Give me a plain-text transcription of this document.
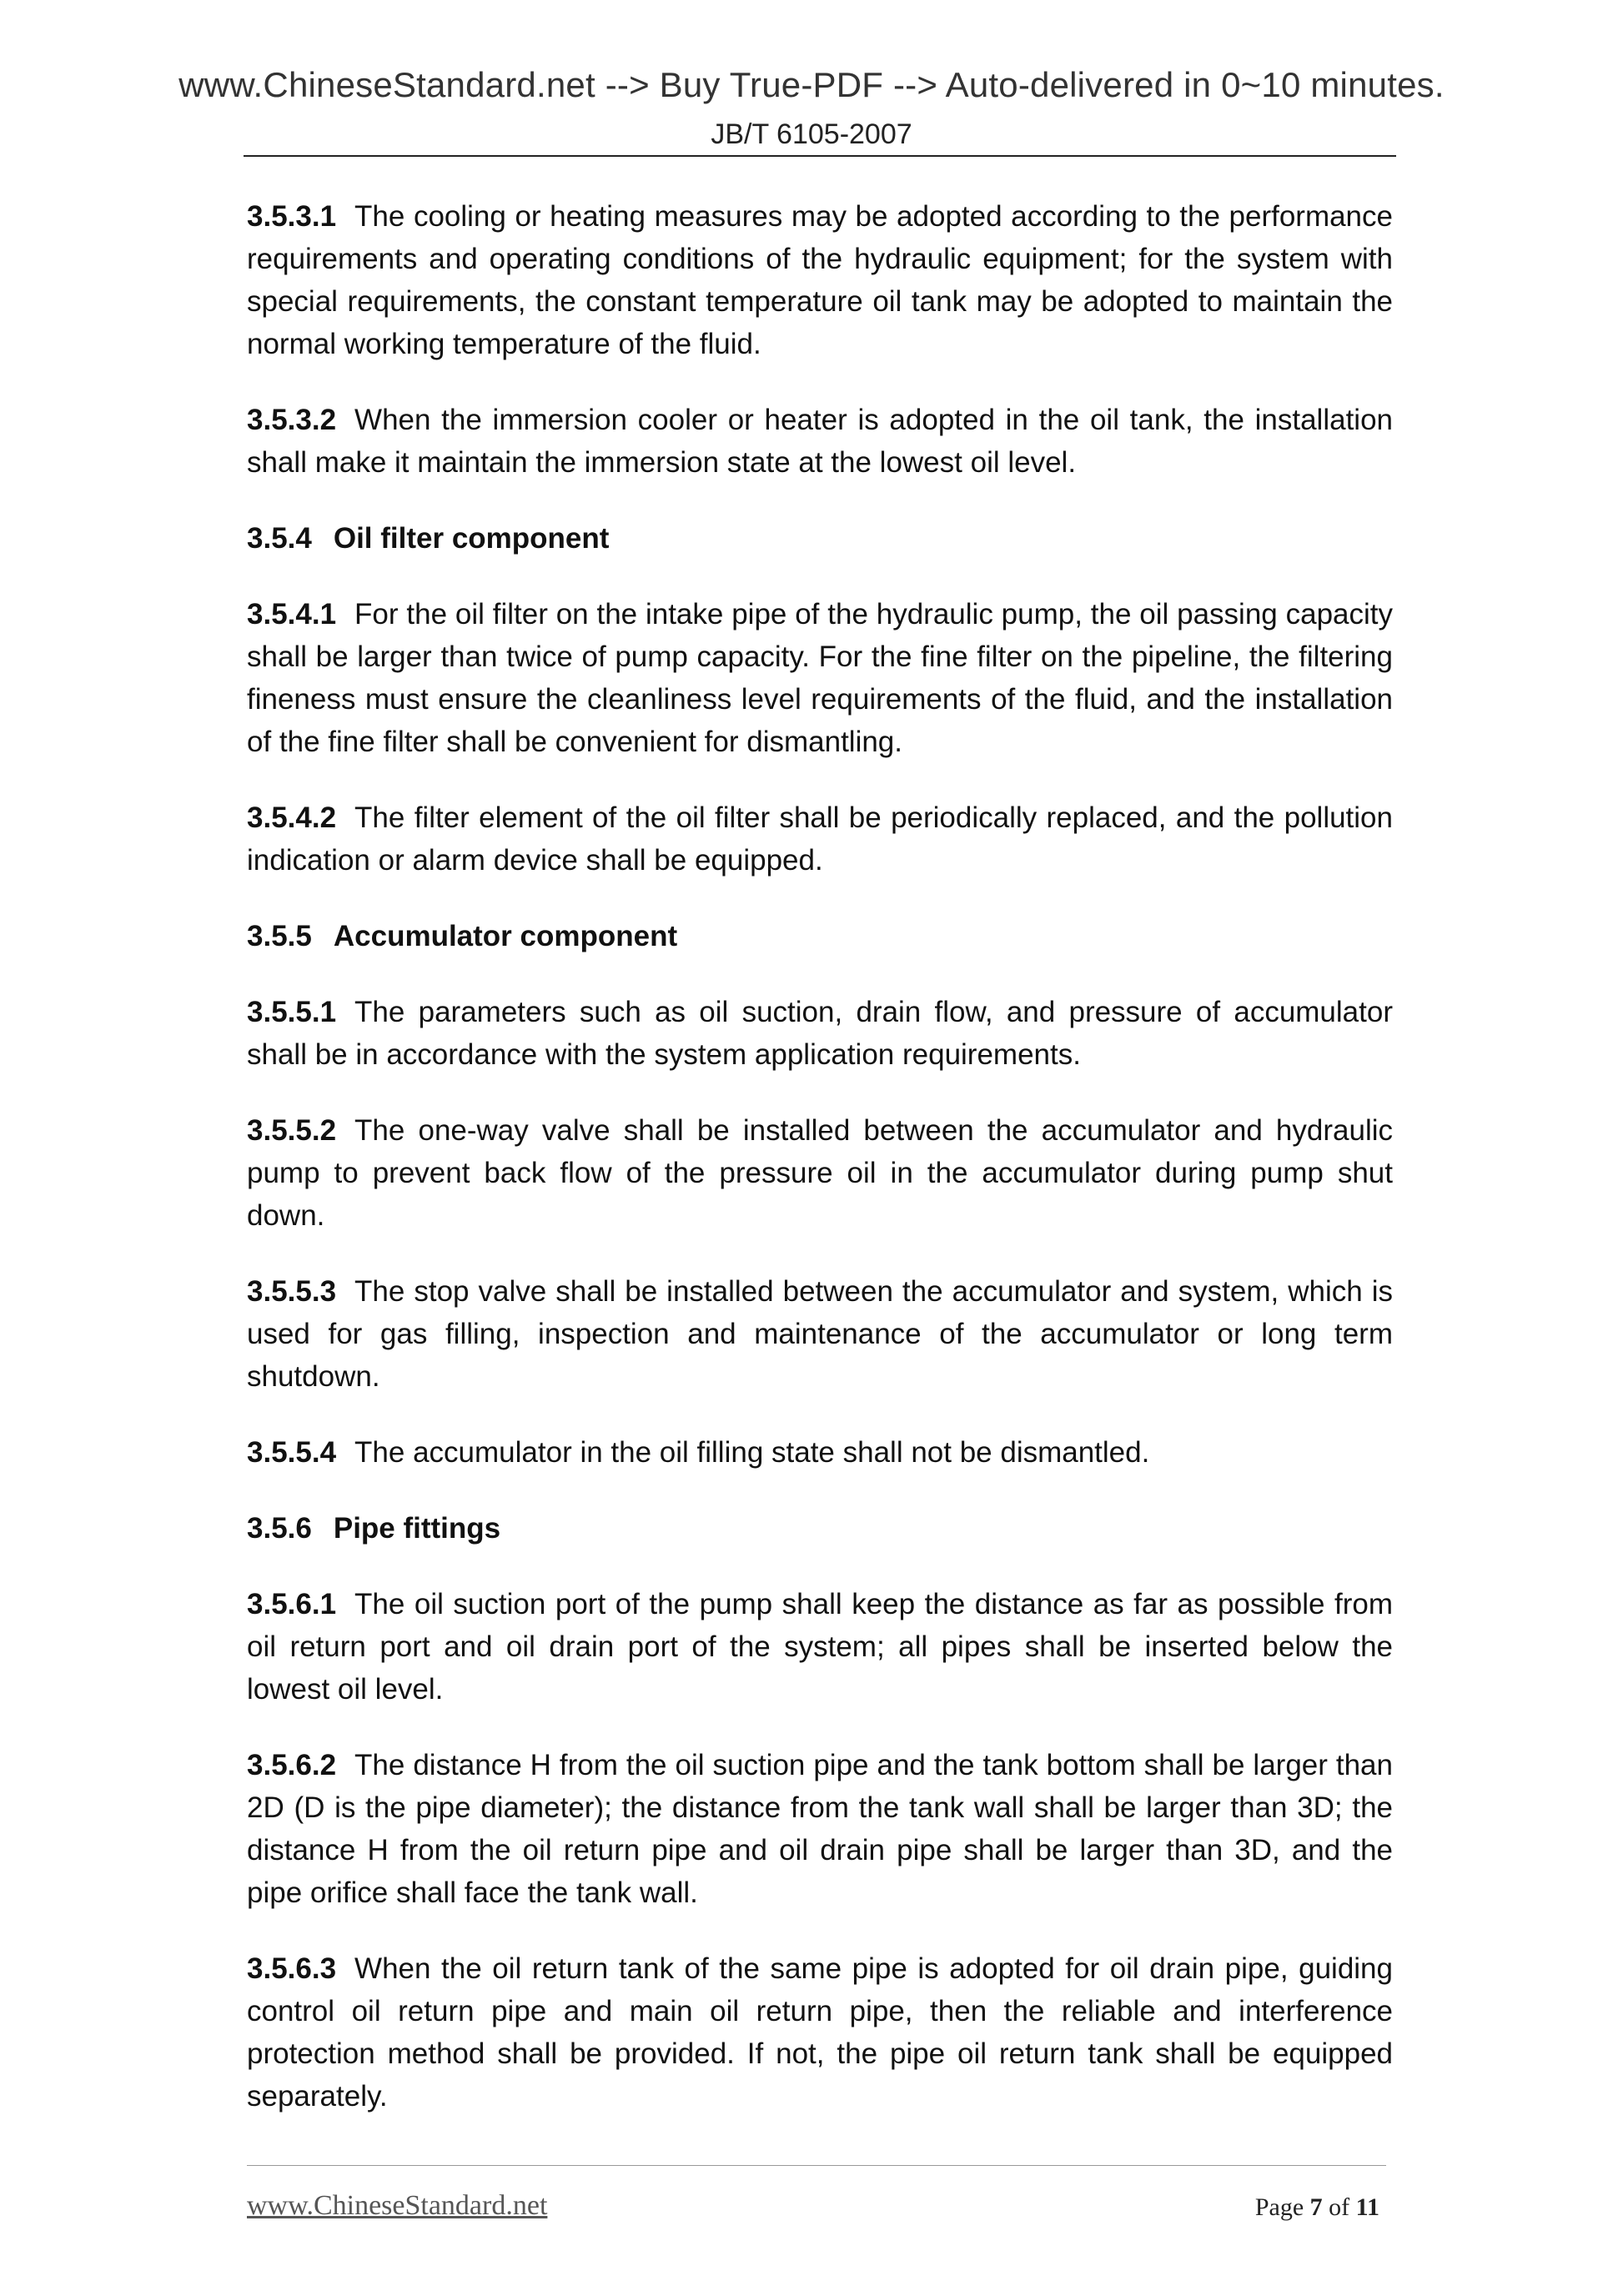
www.ChineseStandard.net --> Buy True-PDF --> Auto-delivered in 0~10 minutes.
JB/T 6105-2007

3.5.3.1 The cooling or heating measures may be adopted according to the performance requirements and operating conditions of the hydraulic equipment; for the system with special requirements, the constant temperature oil tank may be adopted to maintain the normal working temperature of the fluid.

3.5.3.2 When the immersion cooler or heater is adopted in the oil tank, the installation shall make it maintain the immersion state at the lowest oil level.

3.5.4 Oil filter component

3.5.4.1 For the oil filter on the intake pipe of the hydraulic pump, the oil passing capacity shall be larger than twice of pump capacity. For the fine filter on the pipeline, the filtering fineness must ensure the cleanliness level requirements of the fluid, and the installation of the fine filter shall be convenient for dismantling.

3.5.4.2 The filter element of the oil filter shall be periodically replaced, and the pollution indication or alarm device shall be equipped.

3.5.5 Accumulator component

3.5.5.1 The parameters such as oil suction, drain flow, and pressure of accumulator shall be in accordance with the system application requirements.

3.5.5.2 The one-way valve shall be installed between the accumulator and hydraulic pump to prevent back flow of the pressure oil in the accumulator during pump shut down.

3.5.5.3 The stop valve shall be installed between the accumulator and system, which is used for gas filling, inspection and maintenance of the accumulator or long term shutdown.

3.5.5.4 The accumulator in the oil filling state shall not be dismantled.

3.5.6 Pipe fittings

3.5.6.1 The oil suction port of the pump shall keep the distance as far as possible from oil return port and oil drain port of the system; all pipes shall be inserted below the lowest oil level.

3.5.6.2 The distance H from the oil suction pipe and the tank bottom shall be larger than 2D (D is the pipe diameter); the distance from the tank wall shall be larger than 3D; the distance H from the oil return pipe and oil drain pipe shall be larger than 3D, and the pipe orifice shall face the tank wall.

3.5.6.3 When the oil return tank of the same pipe is adopted for oil drain pipe, guiding control oil return pipe and main oil return pipe, then the reliable and interference protection method shall be provided. If not, the pipe oil return tank shall be equipped separately.

www.ChineseStandard.net	Page 7 of 11
